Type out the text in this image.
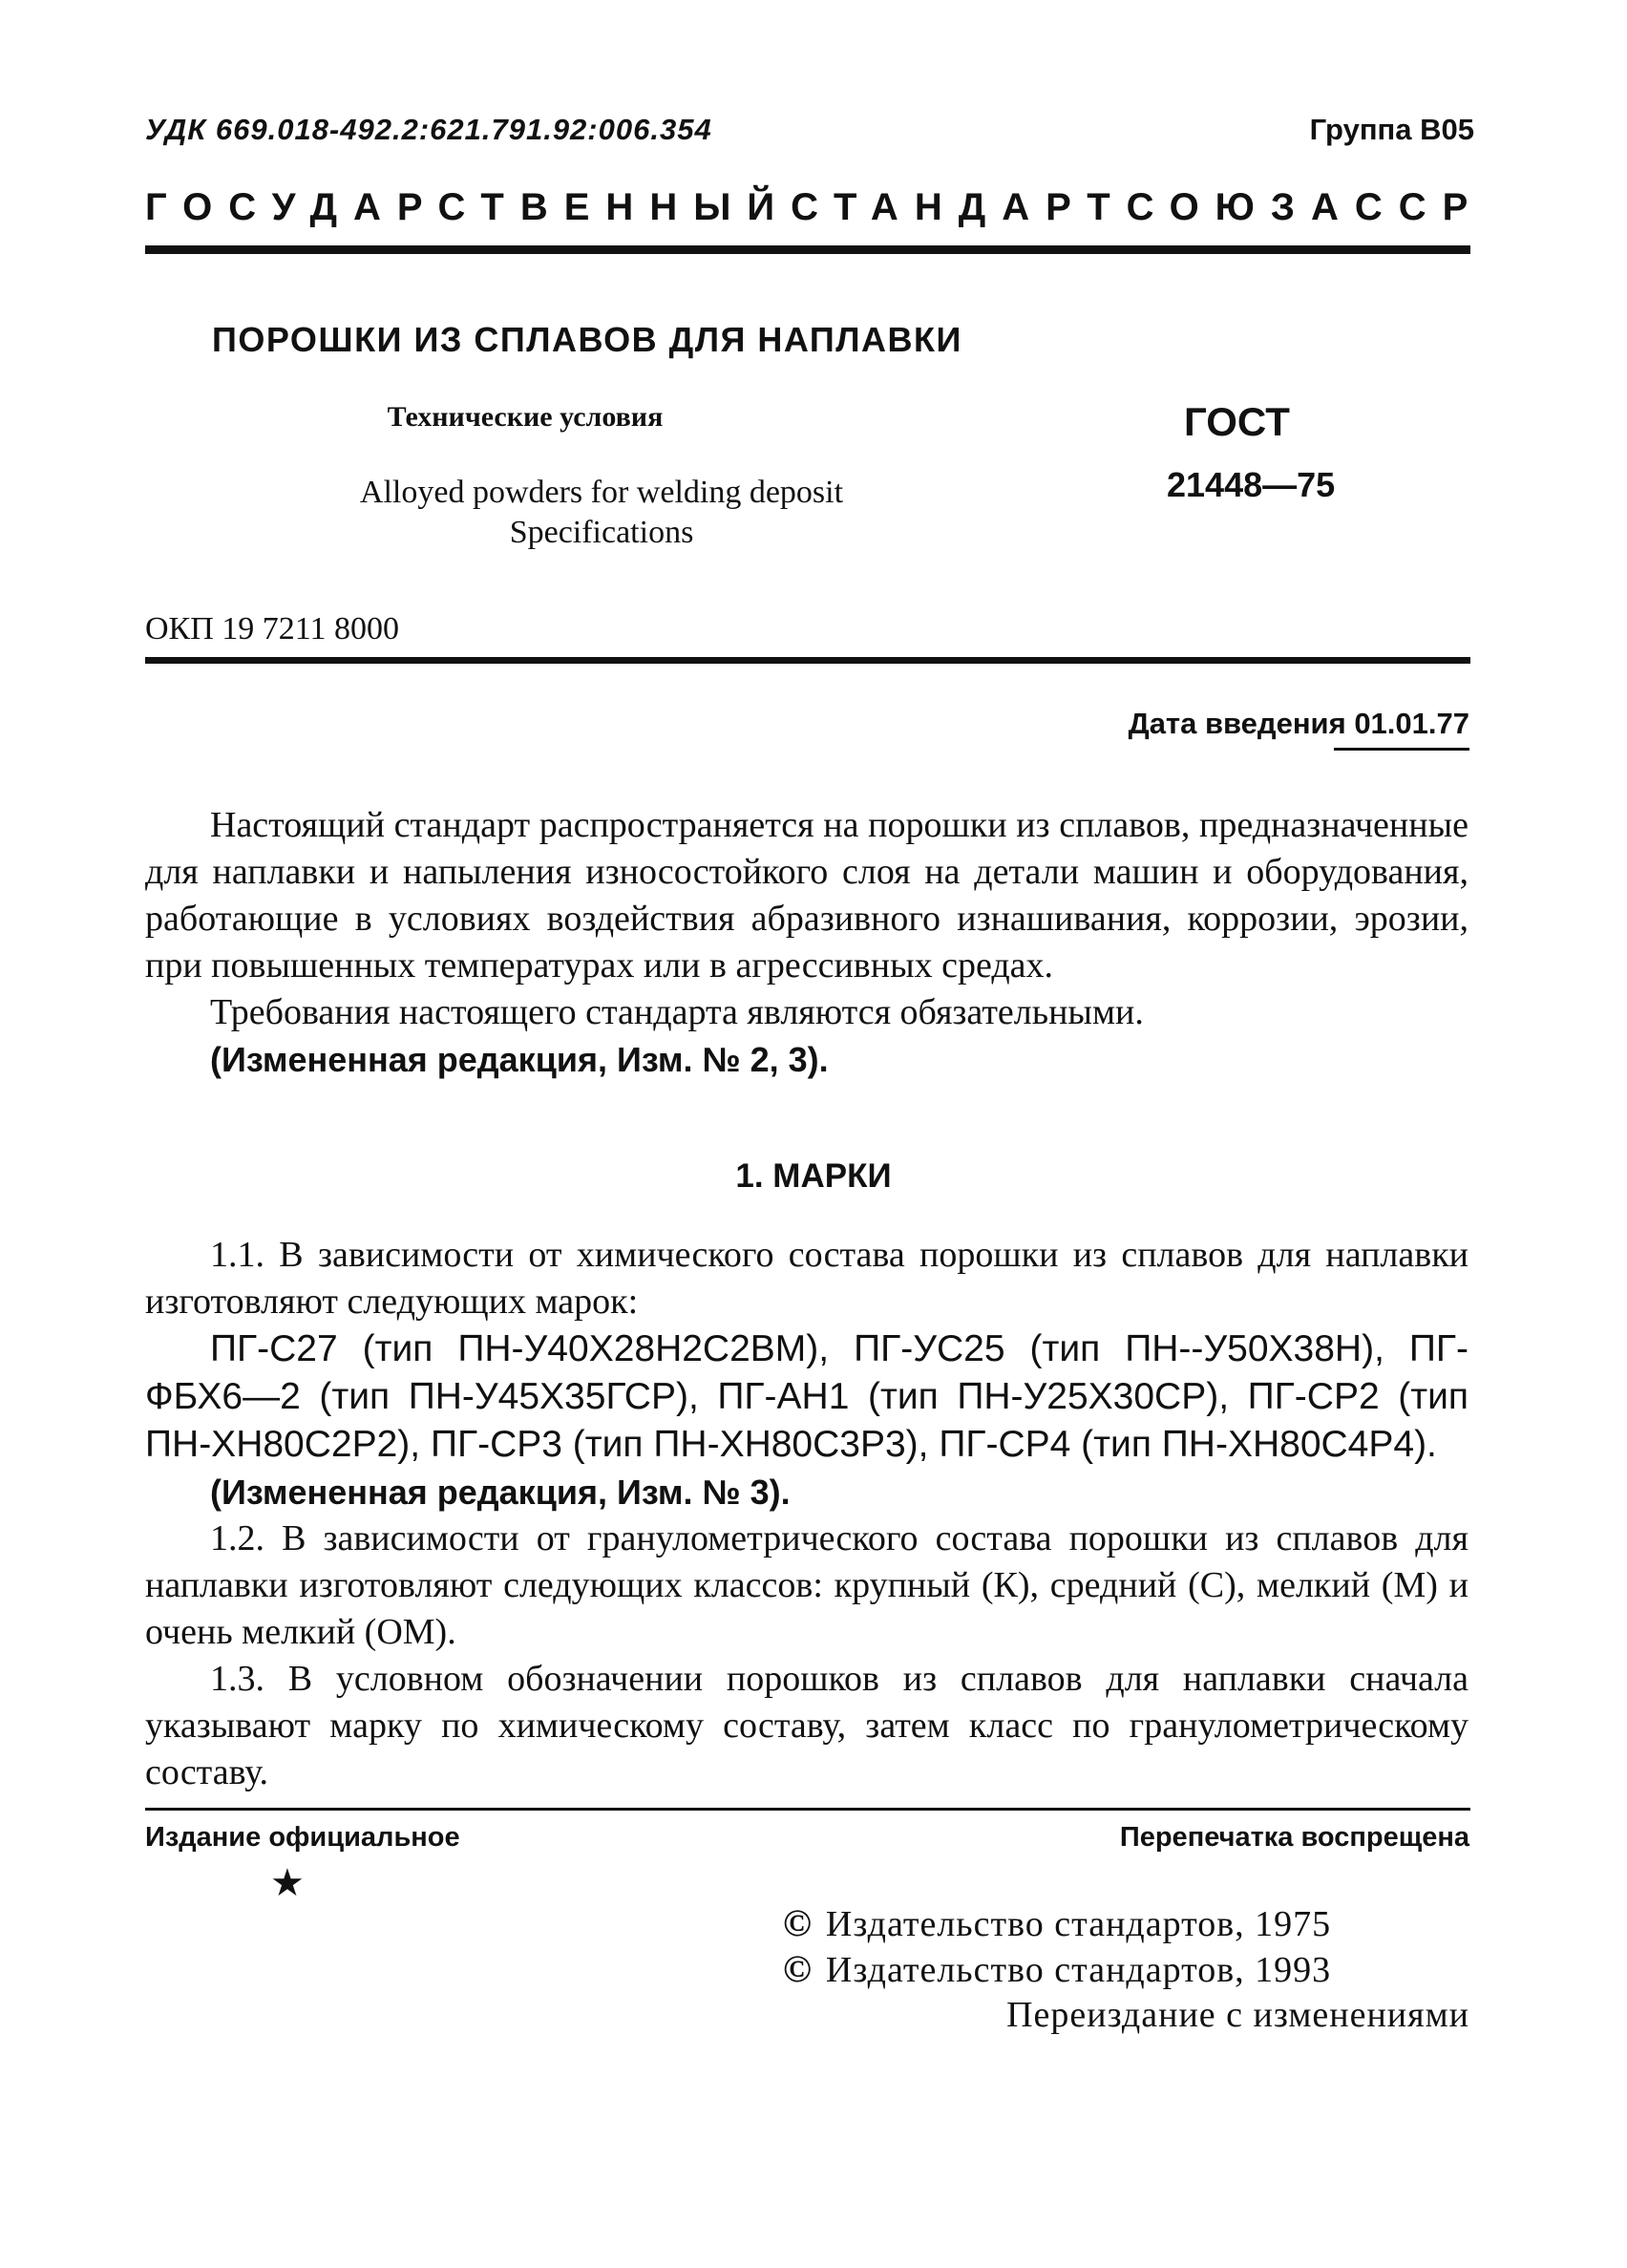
УДК 669.018-492.2:621.791.92:006.354	Группа В05
ГОСУДАРСТВЕННЫЙ СТАНДАРТ СОЮЗА ССР
ПОРОШКИ ИЗ СПЛАВОВ ДЛЯ НАПЛАВКИ
Технические условия
Alloyed powders for welding deposit
Specifications
ГОСТ
21448—75
ОКП 19 7211 8000
Дата введения 01.01.77

Настоящий стандарт распространяется на порошки из сплавов, предназначенные для наплавки и напыления износостойкого слоя на детали машин и оборудования, работающие в условиях воздействия абразивного изнашивания, коррозии, эрозии, при повышенных температурах или в агрессивных средах.

Требования настоящего стандарта являются обязательными.

(Измененная редакция, Изм. № 2, 3).

1. МАРКИ

1.1. В зависимости от химического состава порошки из сплавов для наплавки изготовляют следующих марок:

ПГ-С27 (тип ПН-У40Х28Н2С2ВМ), ПГ-УС25 (тип ПН--У50Х38Н), ПГ-ФБХ6—2 (тип ПН-У45Х35ГСР), ПГ-АН1 (тип ПН-У25Х30СР), ПГ-СР2 (тип ПН-ХН80С2Р2), ПГ-СР3 (тип ПН-ХН80С3Р3), ПГ-СР4 (тип ПН-ХН80С4Р4).

(Измененная редакция, Изм. № 3).

1.2. В зависимости от гранулометрического состава порошки из сплавов для наплавки изготовляют следующих классов: крупный (К), средний (С), мелкий (М) и очень мелкий (ОМ).

1.3. В условном обозначении порошков из сплавов для наплавки сначала указывают марку по химическому составу, затем класс по гранулометрическому составу.

Издание официальное	Перепечатка воспрещена
★
© Издательство стандартов, 1975
© Издательство стандартов, 1993
Переиздание с изменениями
